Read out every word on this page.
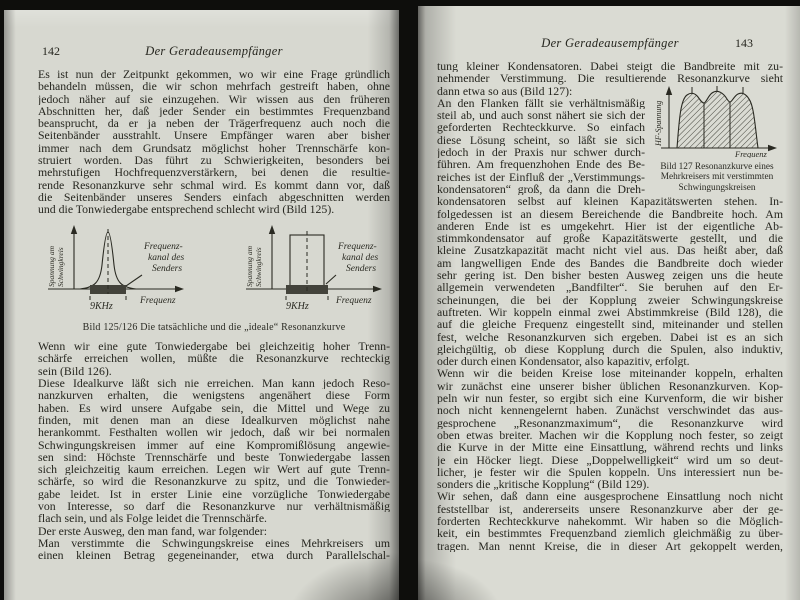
142	Der Geradeausempfänger
Es ist nun der Zeitpunkt gekommen, wo wir eine Frage gründlich
behandeln müssen, die wir schon mehrfach gestreift haben, ohne
jedoch näher auf sie einzugehen. Wir wissen aus den früheren
Abschnitten her, daß jeder Sender ein bestimmtes Frequenzband
beansprucht, da er ja neben der Trägerfrequenz auch noch die
Seitenbänder ausstrahlt. Unsere Empfänger waren aber bisher
immer nach dem Grundsatz möglichst hoher Trennschärfe kon-
struiert worden. Das führt zu Schwierigkeiten, besonders bei
mehrstufigen Hochfrequenzverstärkern, bei denen die resultie-
rende Resonanzkurve sehr schmal wird. Es kommt dann vor, daß
die Seitenbänder unseres Senders einfach abgeschnitten werden
und die Tonwiedergabe entsprechend schlecht wird (Bild 125).
Spannung am Schwingkreis
Frequenz
Frequenz-
kanal des
Senders
9KHz
Spannung am Schwingkreis
Frequenz
Frequenz-
kanal des
Senders
9KHz
Bild 125/126 Die tatsächliche und die „ideale“ Resonanzkurve
Wenn wir eine gute Tonwiedergabe bei gleichzeitig hoher Trenn-
schärfe erreichen wollen, müßte die Resonanzkurve rechteckig
sein (Bild 126).
Diese Idealkurve läßt sich nie erreichen. Man kann jedoch Reso-
nanzkurven erhalten, die wenigstens angenähert diese Form
haben. Es wird unsere Aufgabe sein, die Mittel und Wege zu
finden, mit denen man an diese Idealkurven möglichst nahe
herankommt. Festhalten wollen wir jedoch, daß wir bei normalen
Schwingungskreisen immer auf eine Kompromißlösung angewie-
sen sind: Höchste Trennschärfe und beste Tonwiedergabe lassen
sich gleichzeitig kaum erreichen. Legen wir Wert auf gute Trenn-
schärfe, so wird die Resonanzkurve zu spitz, und die Tonwieder-
gabe leidet. Ist in erster Linie eine vorzügliche Tonwiedergabe
von Interesse, so darf die Resonanzkurve nur verhältnismäßig
flach sein, und als Folge leidet die Trennschärfe.
Der erste Ausweg, den man fand, war folgender:
Man verstimmte die Schwingungskreise eines Mehrkreisers um
einen kleinen Betrag gegeneinander, etwa durch Parallelschal-
Der Geradeausempfänger	143
tung kleiner Kondensatoren. Dabei steigt die Bandbreite mit zu-
nehmender Verstimmung. Die resultierende Resonanzkurve sieht
dann etwa so aus (Bild 127):
An den Flanken fällt sie verhältnismäßig
steil ab, und auch sonst nähert sie sich der
geforderten Rechteckkurve. So einfach
diese Lösung scheint, so läßt sie sich
jedoch in der Praxis nur schwer durch-
führen. Am frequenzhohen Ende des Be-
reiches ist der Einfluß der „Verstimmungs-
kondensatoren“ groß, da dann die Dreh-
HF-Spannung
Frequenz
Bild 127 Resonanzkurve eines
Mehrkreisers mit verstimmten
Schwingungskreisen
kondensatoren selbst auf kleinen Kapazitätswerten stehen. In-
folgedessen ist an diesem Bereichende die Bandbreite hoch. Am
anderen Ende ist es umgekehrt. Hier ist der eigentliche Ab-
stimmkondensator auf große Kapazitätswerte gestellt, und die
kleine Zusatzkapazität macht nicht viel aus. Das heißt aber, daß
am langwelligen Ende des Bandes die Bandbreite doch wieder
sehr gering ist. Den bisher besten Ausweg zeigen uns die heute
allgemein verwendeten „Bandfilter“. Sie beruhen auf den Er-
scheinungen, die bei der Kopplung zweier Schwingungskreise
auftreten. Wir koppeln einmal zwei Abstimmkreise (Bild 128), die
auf die gleiche Frequenz eingestellt sind, miteinander und stellen
fest, welche Resonanzkurven sich ergeben. Dabei ist es an sich
gleichgültig, ob diese Kopplung durch die Spulen, also induktiv,
oder durch einen Kondensator, also kapazitiv, erfolgt.
Wenn wir die beiden Kreise lose miteinander koppeln, erhalten
wir zunächst eine unserer bisher üblichen Resonanzkurven. Kop-
peln wir nun fester, so ergibt sich eine Kurvenform, die wir bisher
noch nicht kennengelernt haben. Zunächst verschwindet das aus-
gesprochene „Resonanzmaximum“, die Resonanzkurve wird
oben etwas breiter. Machen wir die Kopplung noch fester, so zeigt
die Kurve in der Mitte eine Einsattlung, während rechts und links
je ein Höcker liegt. Diese „Doppelwelligkeit“ wird um so deut-
licher, je fester wir die Spulen koppeln. Uns interessiert nun be-
sonders die „kritische Kopplung“ (Bild 129).
Wir sehen, daß dann eine ausgesprochene Einsattlung noch nicht
feststellbar ist, andererseits unsere Resonanzkurve aber der ge-
forderten Rechteckkurve nahekommt. Wir haben so die Möglich-
keit, ein bestimmtes Frequenzband ziemlich gleichmäßig zu über-
tragen. Man nennt Kreise, die in dieser Art gekoppelt werden,
